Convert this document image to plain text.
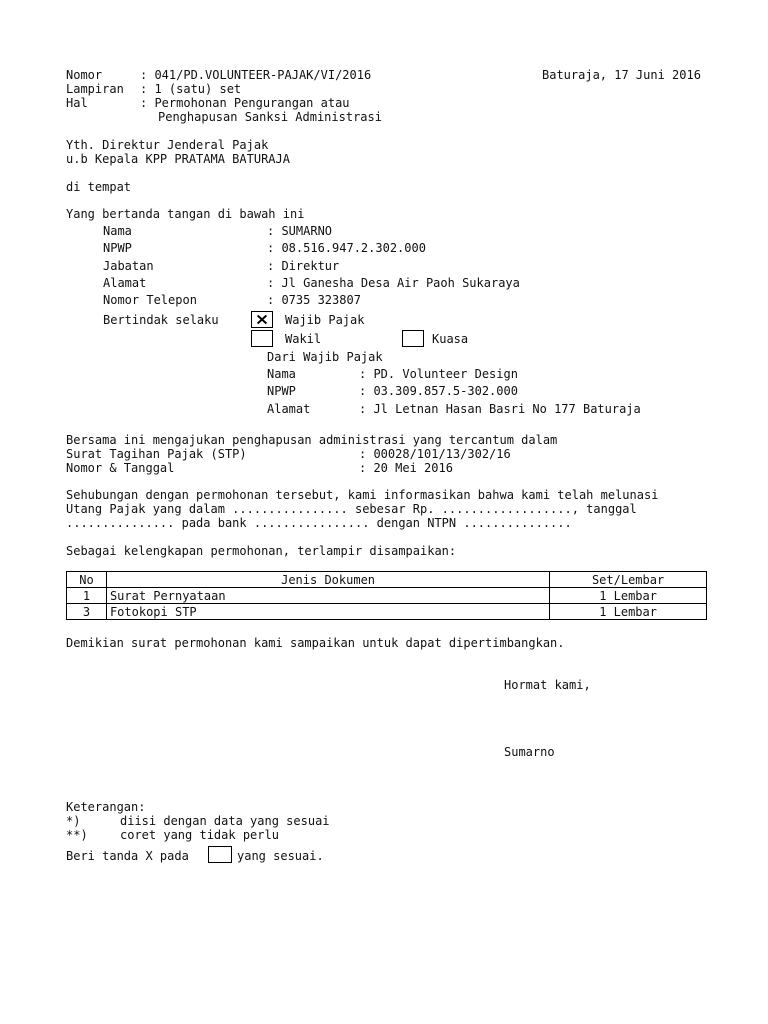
Nomor	: 041/PD.VOLUNTEER-PAJAK/VI/2016	Baturaja, 17 Juni 2016
Lampiran : 1 (satu) set
Hal	: Permohonan Pengurangan atau
Penghapusan Sanksi Administrasi
Yth. Direktur Jenderal Pajak
u.b Kepala KPP PRATAMA BATURAJA
di tempat
Yang bertanda tangan di bawah ini
Nama	: SUMARNO
NPWP	: 08.516.947.2.302.000
Jabatan	: Direktur
Alamat	: Jl Ganesha Desa Air Paoh Sukaraya
Nomor Telepon	: 0735 323807
Bertindak selaku	Wajib Pajak
Wakil	Kuasa
Dari Wajib Pajak
Nama	: PD. Volunteer Design
NPWP	: 03.309.857.5-302.000
Alamat	: Jl Letnan Hasan Basri No 177 Baturaja
Bersama ini mengajukan penghapusan administrasi yang tercantum dalam
Surat Tagihan Pajak (STP)	: 00028/101/13/302/16
Nomor & Tanggal	: 20 Mei 2016
Sehubungan dengan permohonan tersebut, kami informasikan bahwa kami telah melunasi
Utang Pajak yang dalam ................ sebesar Rp. .................., tanggal
............... pada bank ................ dengan NTPN ...............
Sebagai kelengkapan permohonan, terlampir disampaikan:
No	Jenis Dokumen	Set/Lembar
1	Surat Pernyataan	1 Lembar
3	Fotokopi STP	1 Lembar
Demikian surat permohonan kami sampaikan untuk dapat dipertimbangkan.
Hormat kami,
Sumarno
Keterangan:
*)	diisi dengan data yang sesuai
**)	coret yang tidak perlu
Beri tanda X pada	yang sesuai.
